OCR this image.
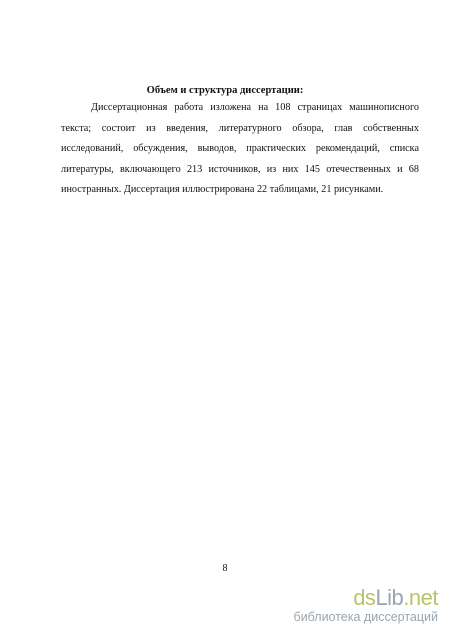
Объем и структура диссертации:
Диссертационная работа изложена на 108 страницах машинописного
текста; состоит из введения, литературного обзора, глав собственных
исследований, обсуждения, выводов, практических рекомендаций, списка
литературы, включающего 213 источников, из них 145 отечественных и 68
иностранных. Диссертация иллюстрирована 22 таблицами, 21 рисунками.
8
dsLib.net
библиотека диссертаций
